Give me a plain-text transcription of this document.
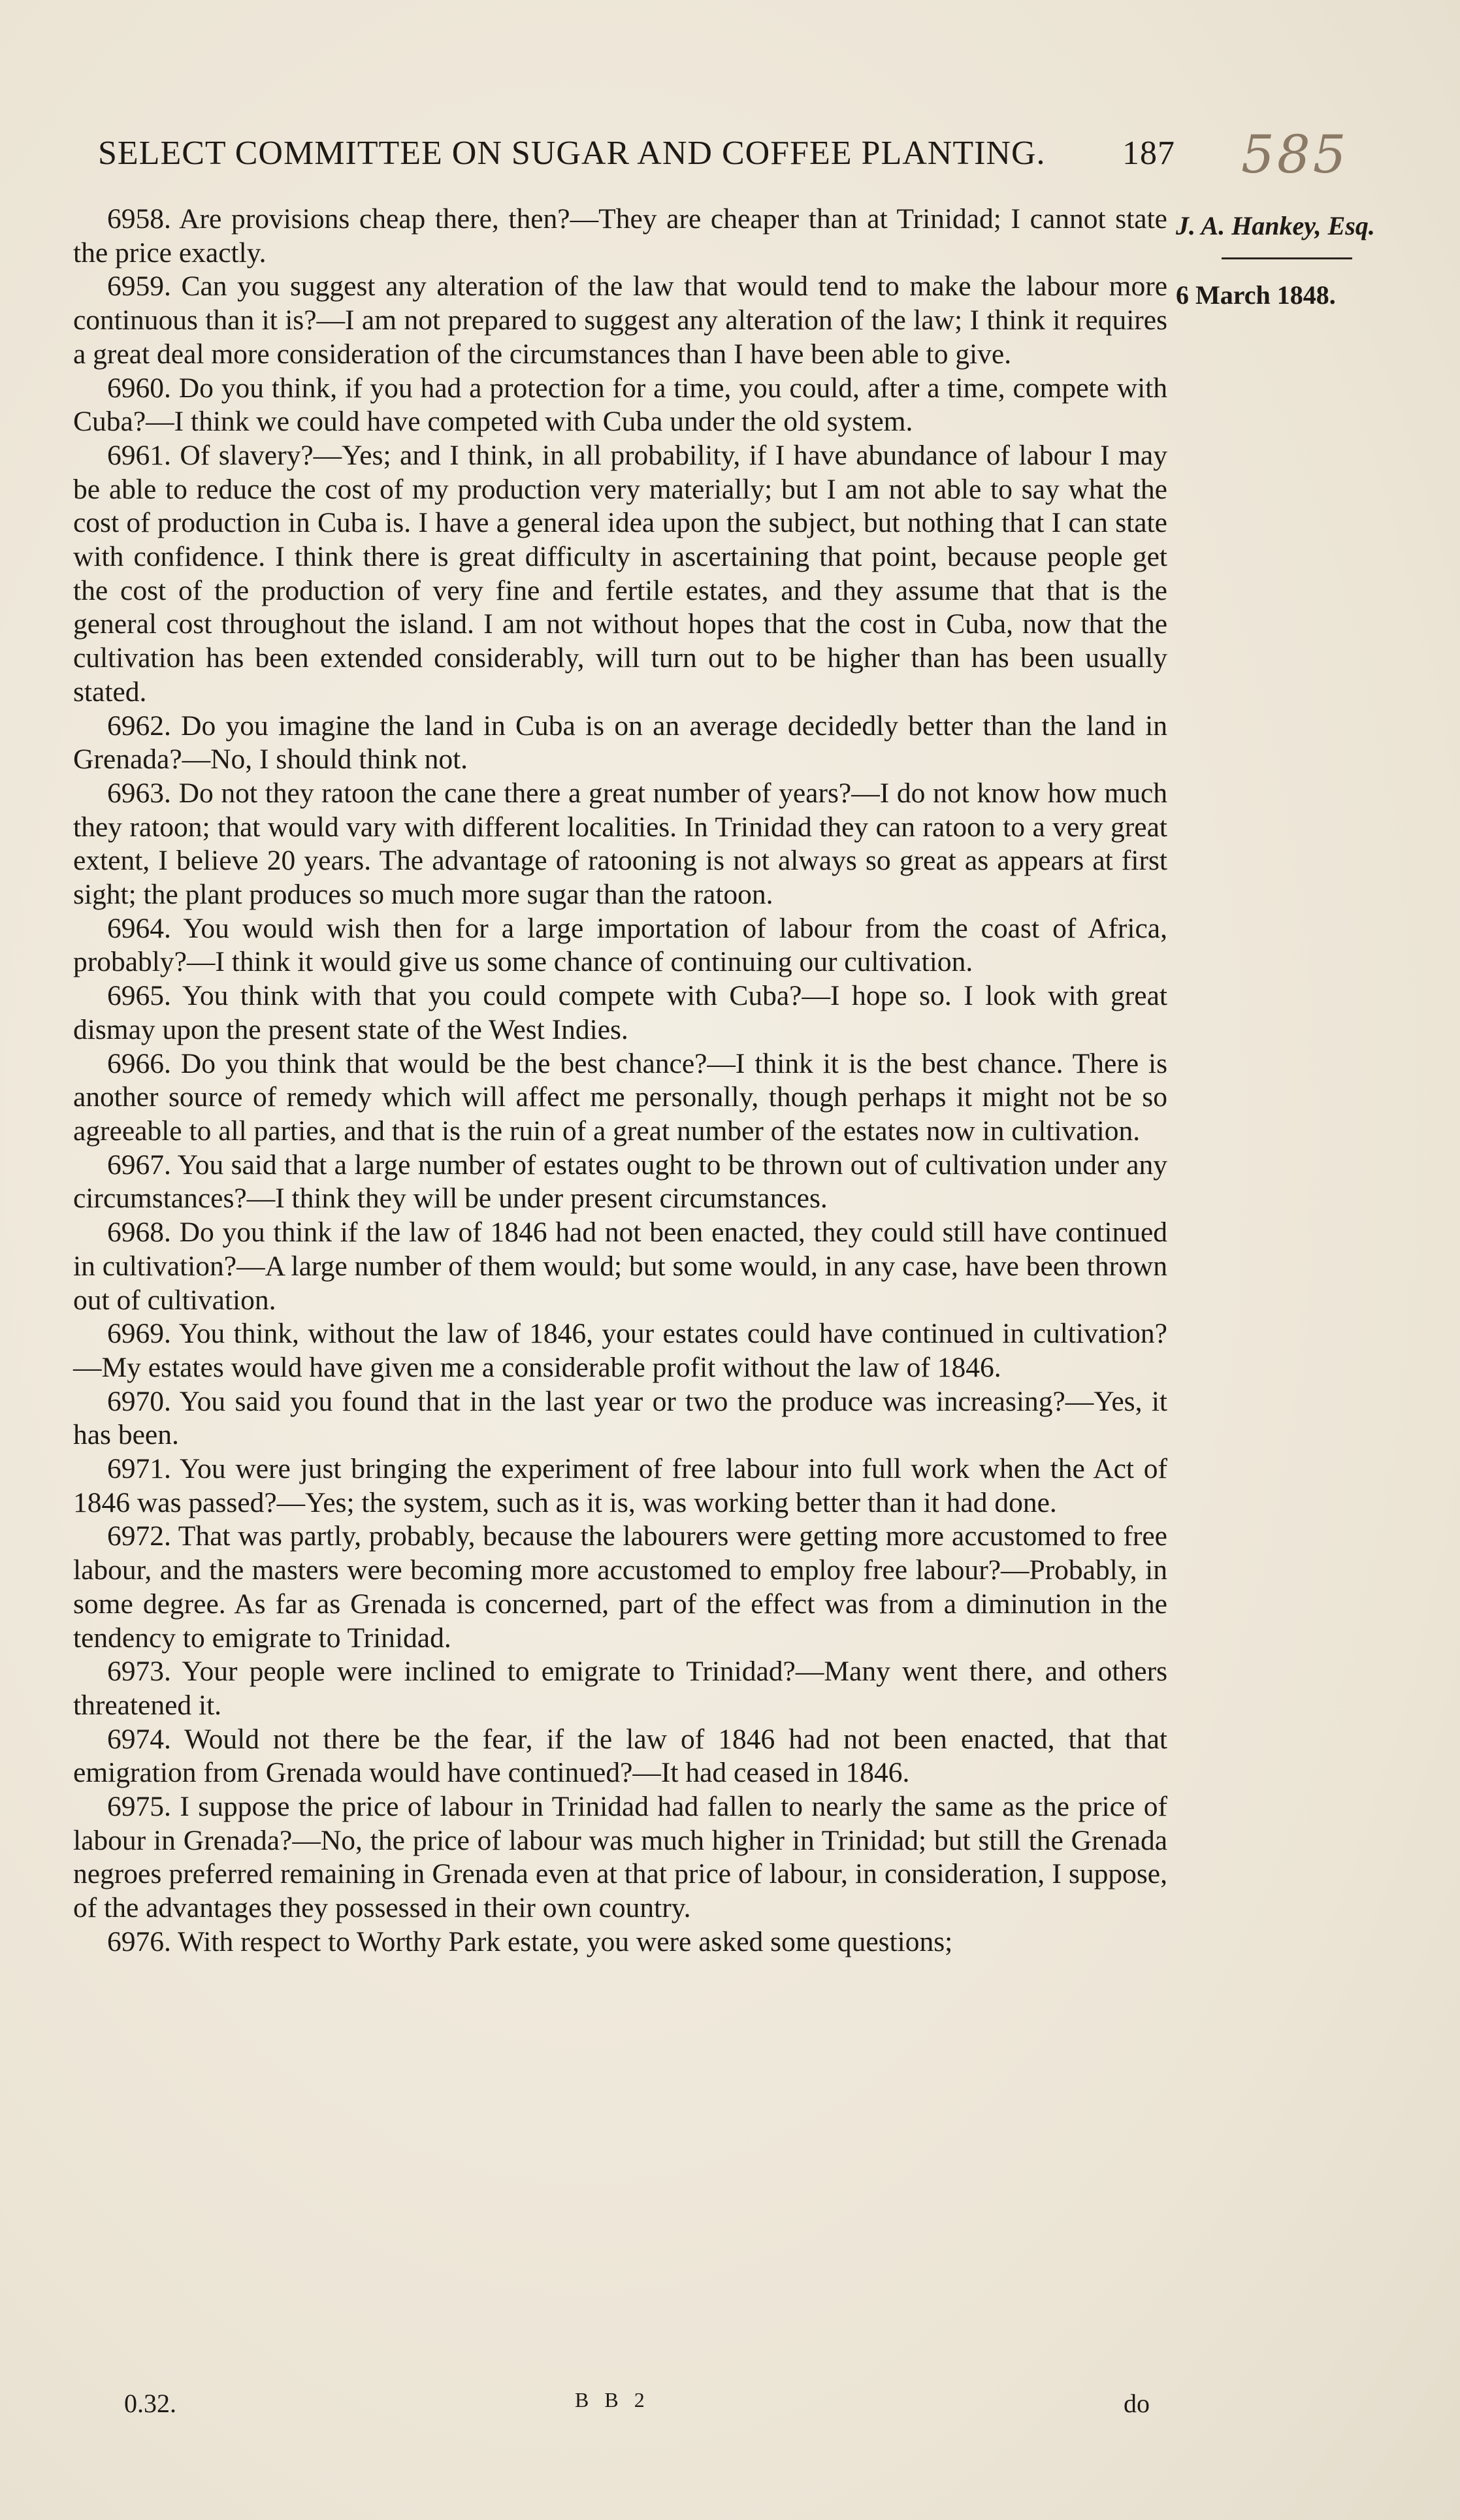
SELECT COMMITTEE ON SUGAR AND COFFEE PLANTING. 187 585
J. A. Hankey, Esq.
6 March 1848.

6958. Are provisions cheap there, then?—They are cheaper than at Trinidad; I cannot state the price exactly.

6959. Can you suggest any alteration of the law that would tend to make the labour more continuous than it is?—I am not prepared to suggest any alteration of the law; I think it requires a great deal more consideration of the circumstances than I have been able to give.

6960. Do you think, if you had a protection for a time, you could, after a time, compete with Cuba?—I think we could have competed with Cuba under the old system.

6961. Of slavery?—Yes; and I think, in all probability, if I have abundance of labour I may be able to reduce the cost of my production very materially; but I am not able to say what the cost of production in Cuba is. I have a general idea upon the subject, but nothing that I can state with confidence. I think there is great difficulty in ascertaining that point, because people get the cost of the production of very fine and fertile estates, and they assume that that is the general cost throughout the island. I am not without hopes that the cost in Cuba, now that the cultivation has been extended considerably, will turn out to be higher than has been usually stated.

6962. Do you imagine the land in Cuba is on an average decidedly better than the land in Grenada?—No, I should think not.

6963. Do not they ratoon the cane there a great number of years?—I do not know how much they ratoon; that would vary with different localities. In Trinidad they can ratoon to a very great extent, I believe 20 years. The advantage of ratooning is not always so great as appears at first sight; the plant produces so much more sugar than the ratoon.

6964. You would wish then for a large importation of labour from the coast of Africa, probably?—I think it would give us some chance of continuing our cultivation.

6965. You think with that you could compete with Cuba?—I hope so. I look with great dismay upon the present state of the West Indies.

6966. Do you think that would be the best chance?—I think it is the best chance. There is another source of remedy which will affect me personally, though perhaps it might not be so agreeable to all parties, and that is the ruin of a great number of the estates now in cultivation.

6967. You said that a large number of estates ought to be thrown out of cultivation under any circumstances?—I think they will be under present circumstances.

6968. Do you think if the law of 1846 had not been enacted, they could still have continued in cultivation?—A large number of them would; but some would, in any case, have been thrown out of cultivation.

6969. You think, without the law of 1846, your estates could have continued in cultivation?—My estates would have given me a considerable profit without the law of 1846.

6970. You said you found that in the last year or two the produce was increasing?—Yes, it has been.

6971. You were just bringing the experiment of free labour into full work when the Act of 1846 was passed?—Yes; the system, such as it is, was working better than it had done.

6972. That was partly, probably, because the labourers were getting more accustomed to free labour, and the masters were becoming more accustomed to employ free labour?—Probably, in some degree. As far as Grenada is concerned, part of the effect was from a diminution in the tendency to emigrate to Trinidad.

6973. Your people were inclined to emigrate to Trinidad?—Many went there, and others threatened it.

6974. Would not there be the fear, if the law of 1846 had not been enacted, that that emigration from Grenada would have continued?—It had ceased in 1846.

6975. I suppose the price of labour in Trinidad had fallen to nearly the same as the price of labour in Grenada?—No, the price of labour was much higher in Trinidad; but still the Grenada negroes preferred remaining in Grenada even at that price of labour, in consideration, I suppose, of the advantages they possessed in their own country.

6976. With respect to Worthy Park estate, you were asked some questions;

0.32.	B B 2	do
